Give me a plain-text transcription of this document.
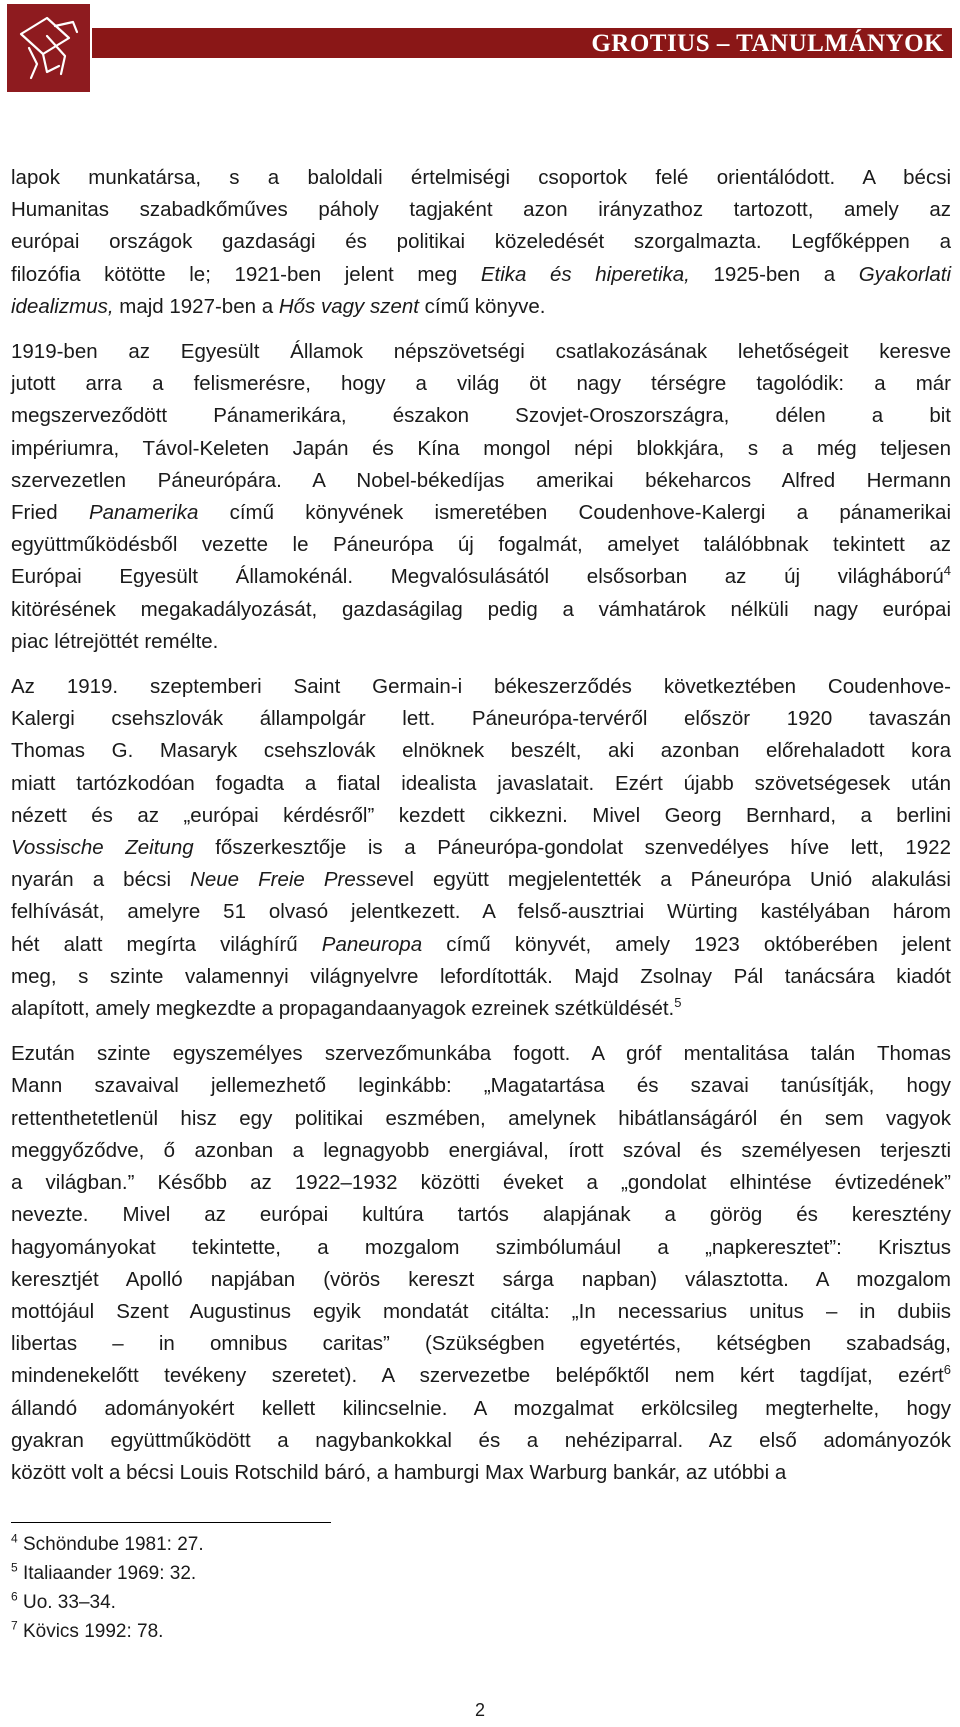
GROTIUS – TANULMÁNYOK
lapok munkatársa, s a baloldali értelmiségi csoportok felé orientálódott. A bécsi
Humanitas szabadkőműves páholy tagjaként azon irányzathoz tartozott, amely az
európai országok gazdasági és politikai közeledését szorgalmazta. Legfőképpen a
filozófia kötötte le; 1921-ben jelent meg Etika és hiperetika, 1925-ben a Gyakorlati
idealizmus, majd 1927-ben a Hős vagy szent című könyve.
1919-ben az Egyesült Államok népszövetségi csatlakozásának lehetőségeit keresve
jutott arra a felismerésre, hogy a világ öt nagy térségre tagolódik: a már
megszerveződött Pánamerikára, északon Szovjet-Oroszországra, délen a bit
impériumra, Távol-Keleten Japán és Kína mongol népi blokkjára, s a még teljesen
szervezetlen Páneurópára. A Nobel-békedíjas amerikai békeharcos Alfred Hermann
Fried Panamerika című könyvének ismeretében Coudenhove-Kalergi a pánamerikai
együttműködésből vezette le Páneurópa új fogalmát, amelyet találóbbnak tekintett az
Európai Egyesült Államokénál. Megvalósulásától elsősorban az új világháború$^4$
kitörésének megakadályozását, gazdaságilag pedig a vámhatárok nélküli nagy európai
piac létrejöttét remélte.
Az 1919. szeptemberi Saint Germain-i békeszerződés következtében Coudenhove-
Kalergi csehszlovák állampolgár lett. Páneurópa-tervéről először 1920 tavaszán
Thomas G. Masaryk csehszlovák elnöknek beszélt, aki azonban előrehaladott kora
miatt tartózkodóan fogadta a fiatal idealista javaslatait. Ezért újabb szövetségesek után
nézett és az „európai kérdésről” kezdett cikkezni. Mivel Georg Bernhard, a berlini
Vossische Zeitung főszerkesztője is a Páneurópa-gondolat szenvedélyes híve lett, 1922
nyarán a bécsi Neue Freie Pressevel együtt megjelentették a Páneurópa Unió alakulási
felhívását, amelyre 51 olvasó jelentkezett. A felső-ausztriai Würting kastélyában három
hét alatt megírta világhírű Paneuropa című könyvét, amely 1923 októberében jelent
meg, s szinte valamennyi világnyelvre lefordították. Majd Zsolnay Pál tanácsára kiadót
alapított, amely megkezdte a propagandaanyagok ezreinek szétküldését.$^5$
Ezután szinte egyszemélyes szervezőmunkába fogott. A gróf mentalitása talán Thomas
Mann szavaival jellemezhető leginkább: „Magatartása és szavai tanúsítják, hogy
rettenthetetlenül hisz egy politikai eszmében, amelynek hibátlanságáról én sem vagyok
meggyőződve, ő azonban a legnagyobb energiával, írott szóval és személyesen terjeszti
a világban.” Később az 1922–1932 közötti éveket a „gondolat elhintése évtizedének”
nevezte. Mivel az európai kultúra tartós alapjának a görög és keresztény
hagyományokat tekintette, a mozgalom szimbólumául a „napkeresztet”: Krisztus
keresztjét Apolló napjában (vörös kereszt sárga napban) választotta. A mozgalom
mottójául Szent Augustinus egyik mondatát citálta: „In necessarius unitus – in dubiis
libertas – in omnibus caritas” (Szükségben egyetértés, kétségben szabadság,
mindenekelőtt tevékeny szeretet). A szervezetbe belépőktől nem kért tagdíjat, ezért$^6$
állandó adományokért kellett kilincselnie. A mozgalmat erkölcsileg megterhelte, hogy
gyakran együttműködött a nagybankokkal és a nehéziparral. Az első adományozók
között volt a bécsi Louis Rotschild báró, a hamburgi Max Warburg bankár, az utóbbi a
$^4$ Schöndube 1981: 27.
$^5$ Italiaander 1969: 32.
$^6$ Uo. 33–34.
$^7$ Kövics 1992: 78.
2
